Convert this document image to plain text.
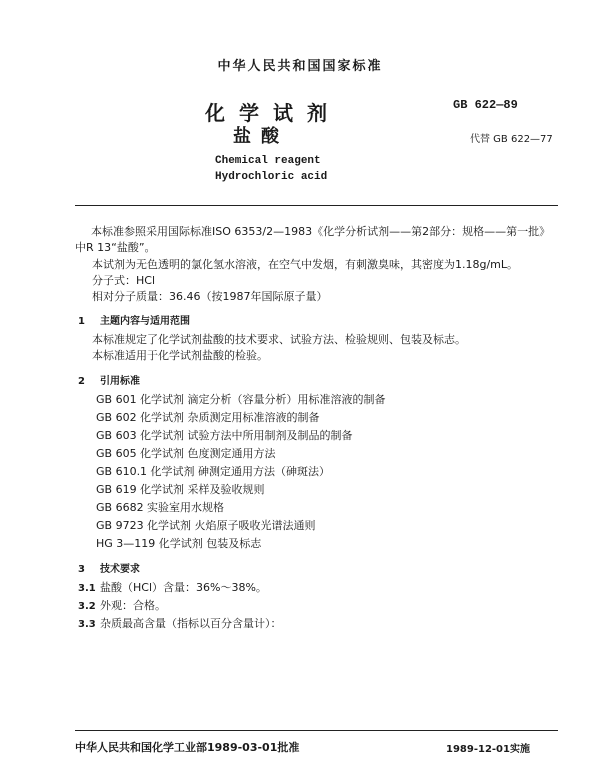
中华人民共和国国家标准
化学试剂
盐酸
GB 622—89
代替 GB 622—77
Chemical reagent
Hydrochloric acid
本标准参照采用国际标准ISO 6353/2—1983《化学分析试剂——第2部分：规格——第一批》中R 13“盐酸”。
本试剂为无色透明的氯化氢水溶液，在空气中发烟，有刺激臭味，其密度为1.18g/mL。
分子式：HCl
相对分子质量：36.46（按1987年国际原子量）
1 主题内容与适用范围
本标准规定了化学试剂盐酸的技术要求、试验方法、检验规则、包装及标志。
本标准适用于化学试剂盐酸的检验。
2 引用标准
GB 601 化学试剂 滴定分析（容量分析）用标准溶液的制备
GB 602 化学试剂 杂质测定用标准溶液的制备
GB 603 化学试剂 试验方法中所用制剂及制品的制备
GB 605 化学试剂 色度测定通用方法
GB 610.1 化学试剂 砷测定通用方法（砷斑法）
GB 619 化学试剂 采样及验收规则
GB 6682 实验室用水规格
GB 9723 化学试剂 火焰原子吸收光谱法通则
HG 3—119 化学试剂 包装及标志
3 技术要求
3.1 盐酸（HCl）含量：36%～38%。
3.2 外观：合格。
3.3 杂质最高含量（指标以百分含量计）：
中华人民共和国化学工业部1989-03-01批准	1989-12-01实施
